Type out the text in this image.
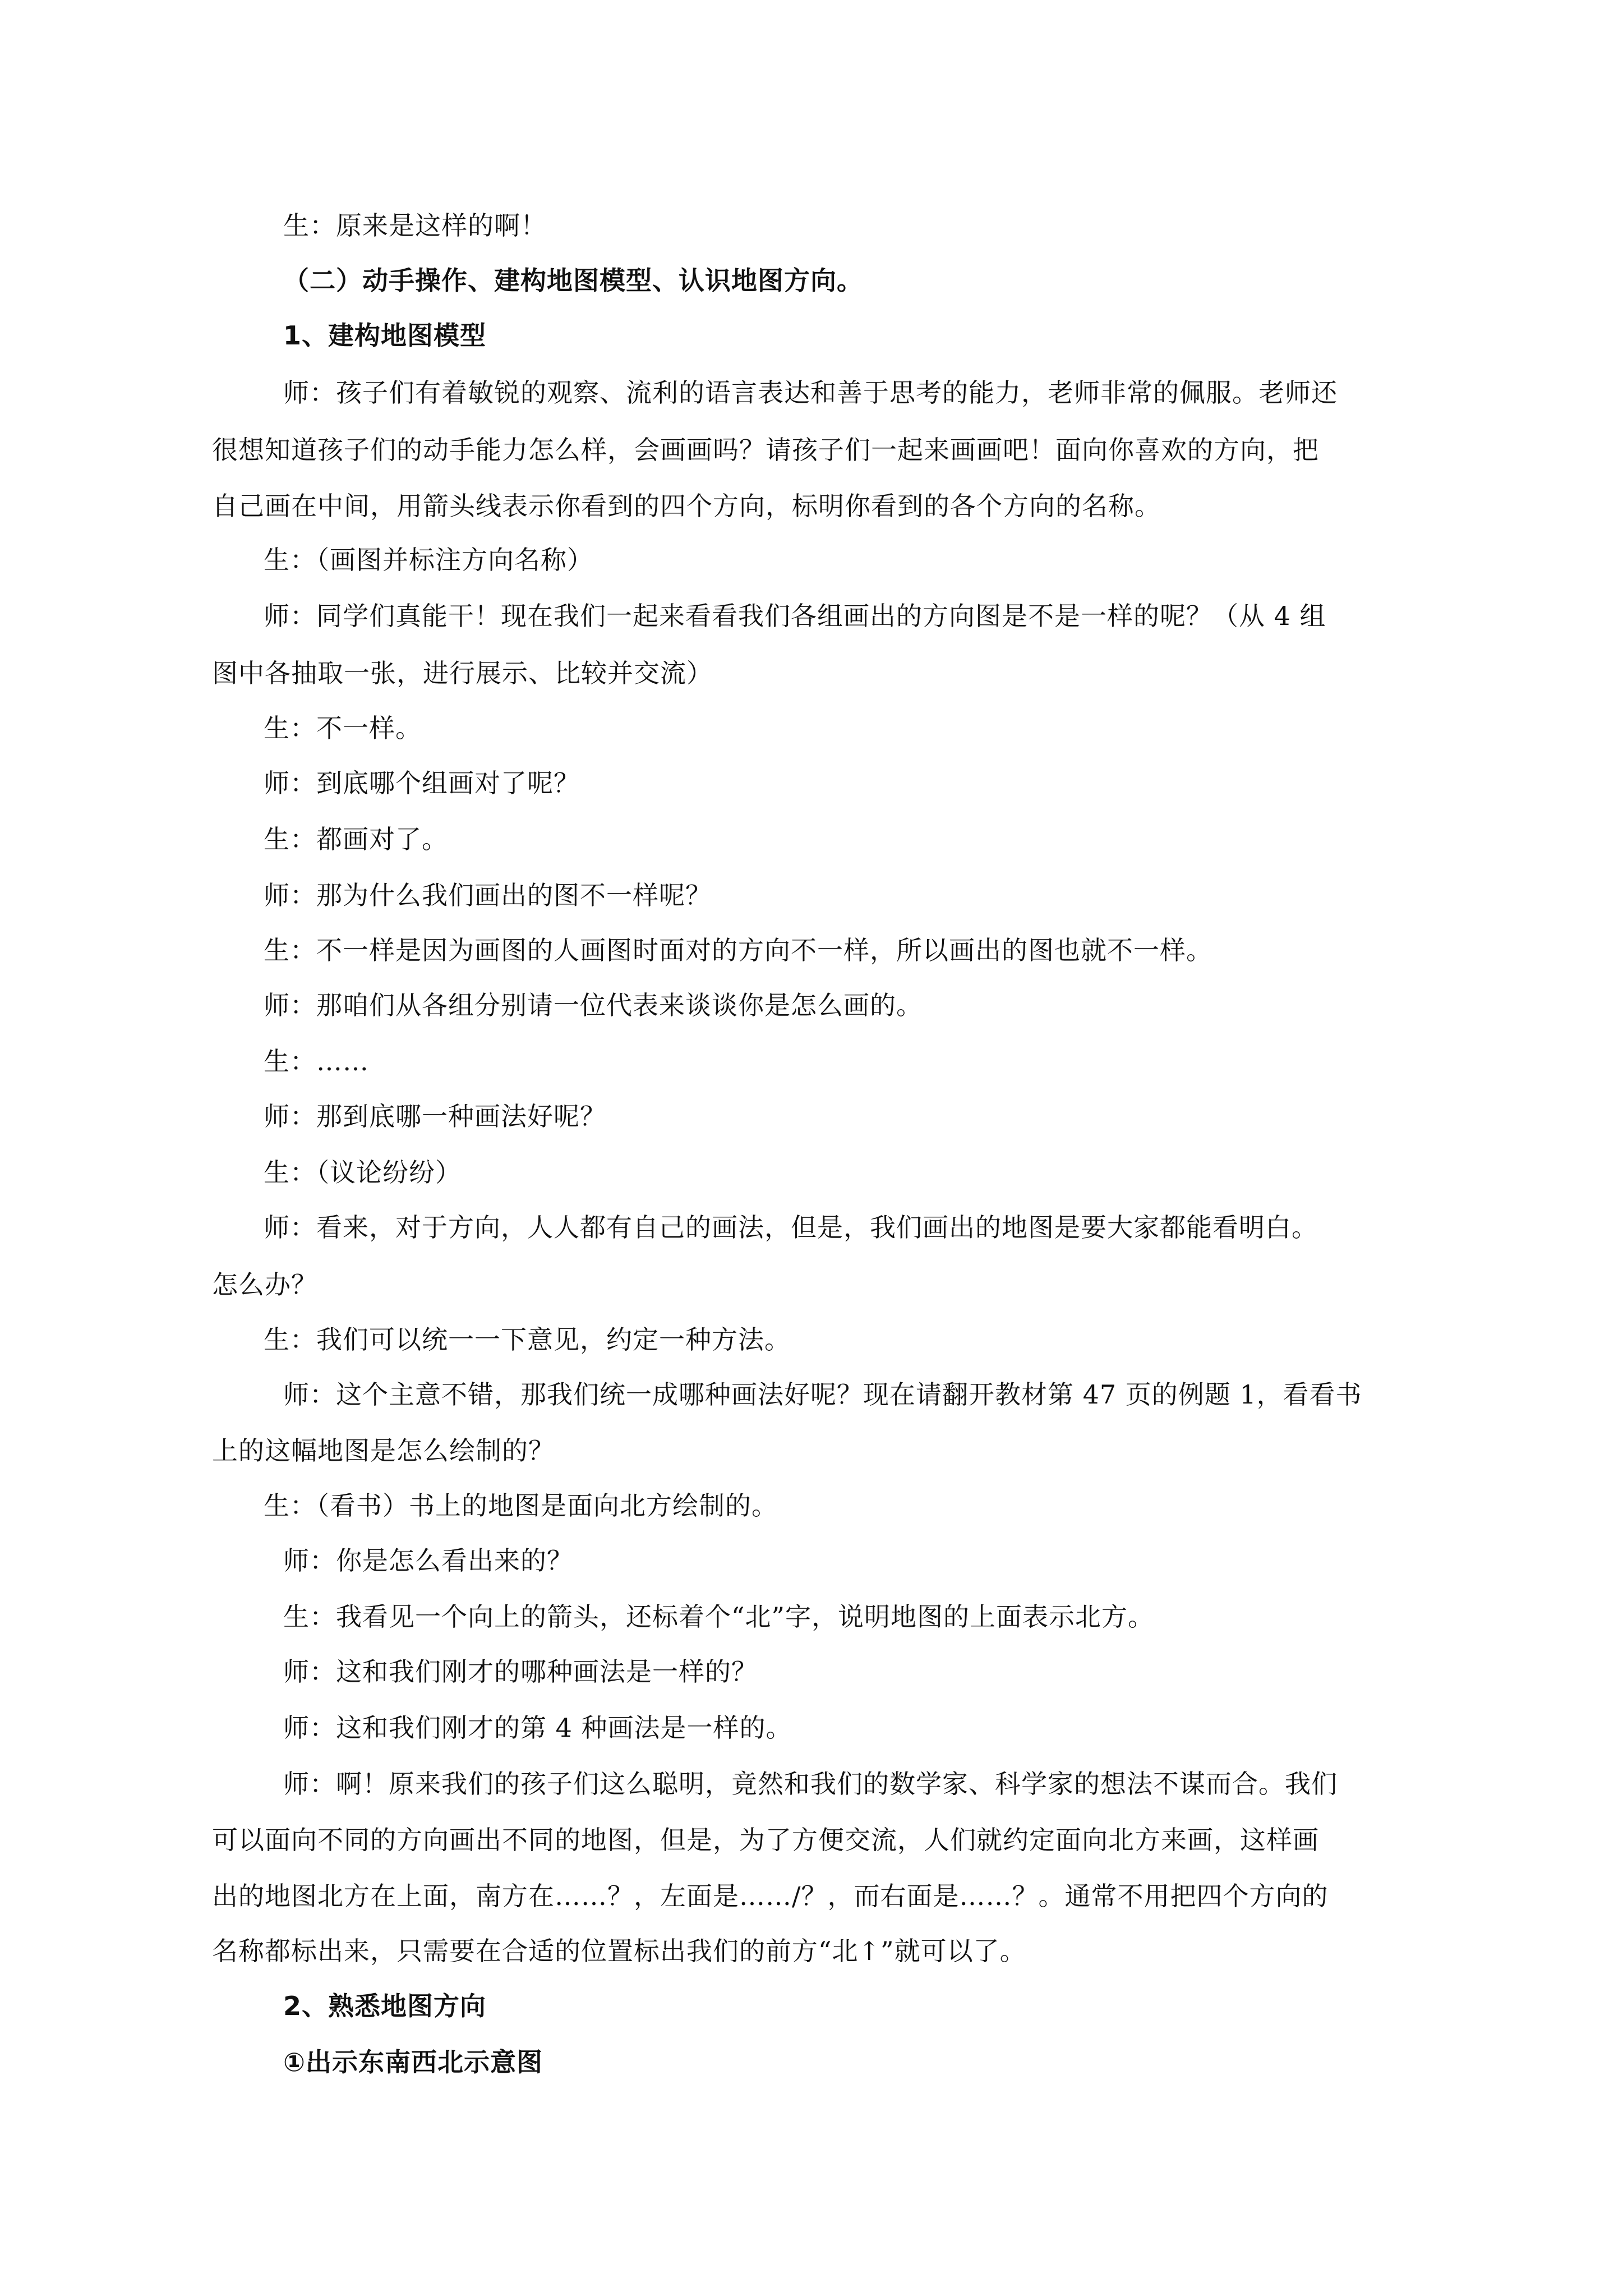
生：原来是这样的啊！
（二）动手操作、建构地图模型、认识地图方向。
1、建构地图模型
师：孩子们有着敏锐的观察、流利的语言表达和善于思考的能力，老师非常的佩服。老师还
很想知道孩子们的动手能力怎么样，会画画吗？请孩子们一起来画画吧！面向你喜欢的方向，把
自己画在中间，用箭头线表示你看到的四个方向，标明你看到的各个方向的名称。
生：（画图并标注方向名称）
师：同学们真能干！现在我们一起来看看我们各组画出的方向图是不是一样的呢？（从 4 组
图中各抽取一张，进行展示、比较并交流）
生：不一样。
师：到底哪个组画对了呢？
生：都画对了。
师：那为什么我们画出的图不一样呢？
生：不一样是因为画图的人画图时面对的方向不一样，所以画出的图也就不一样。
师：那咱们从各组分别请一位代表来谈谈你是怎么画的。
生：……
师：那到底哪一种画法好呢？
生：（议论纷纷）
师：看来，对于方向，人人都有自己的画法，但是，我们画出的地图是要大家都能看明白。
怎么办？
生：我们可以统一一下意见，约定一种方法。
师：这个主意不错，那我们统一成哪种画法好呢？现在请翻开教材第 47 页的例题 1，看看书
上的这幅地图是怎么绘制的？
生：（看书）书上的地图是面向北方绘制的。
师：你是怎么看出来的？
生：我看见一个向上的箭头，还标着个“北”字，说明地图的上面表示北方。
师：这和我们刚才的哪种画法是一样的？
师：这和我们刚才的第 4 种画法是一样的。
师：啊！原来我们的孩子们这么聪明，竟然和我们的数学家、科学家的想法不谋而合。我们
可以面向不同的方向画出不同的地图，但是，为了方便交流，人们就约定面向北方来画，这样画
出的地图北方在上面，南方在……？，左面是……/？，而右面是……？。通常不用把四个方向的
名称都标出来，只需要在合适的位置标出我们的前方“北↑”就可以了。
2、熟悉地图方向
①出示东南西北示意图
